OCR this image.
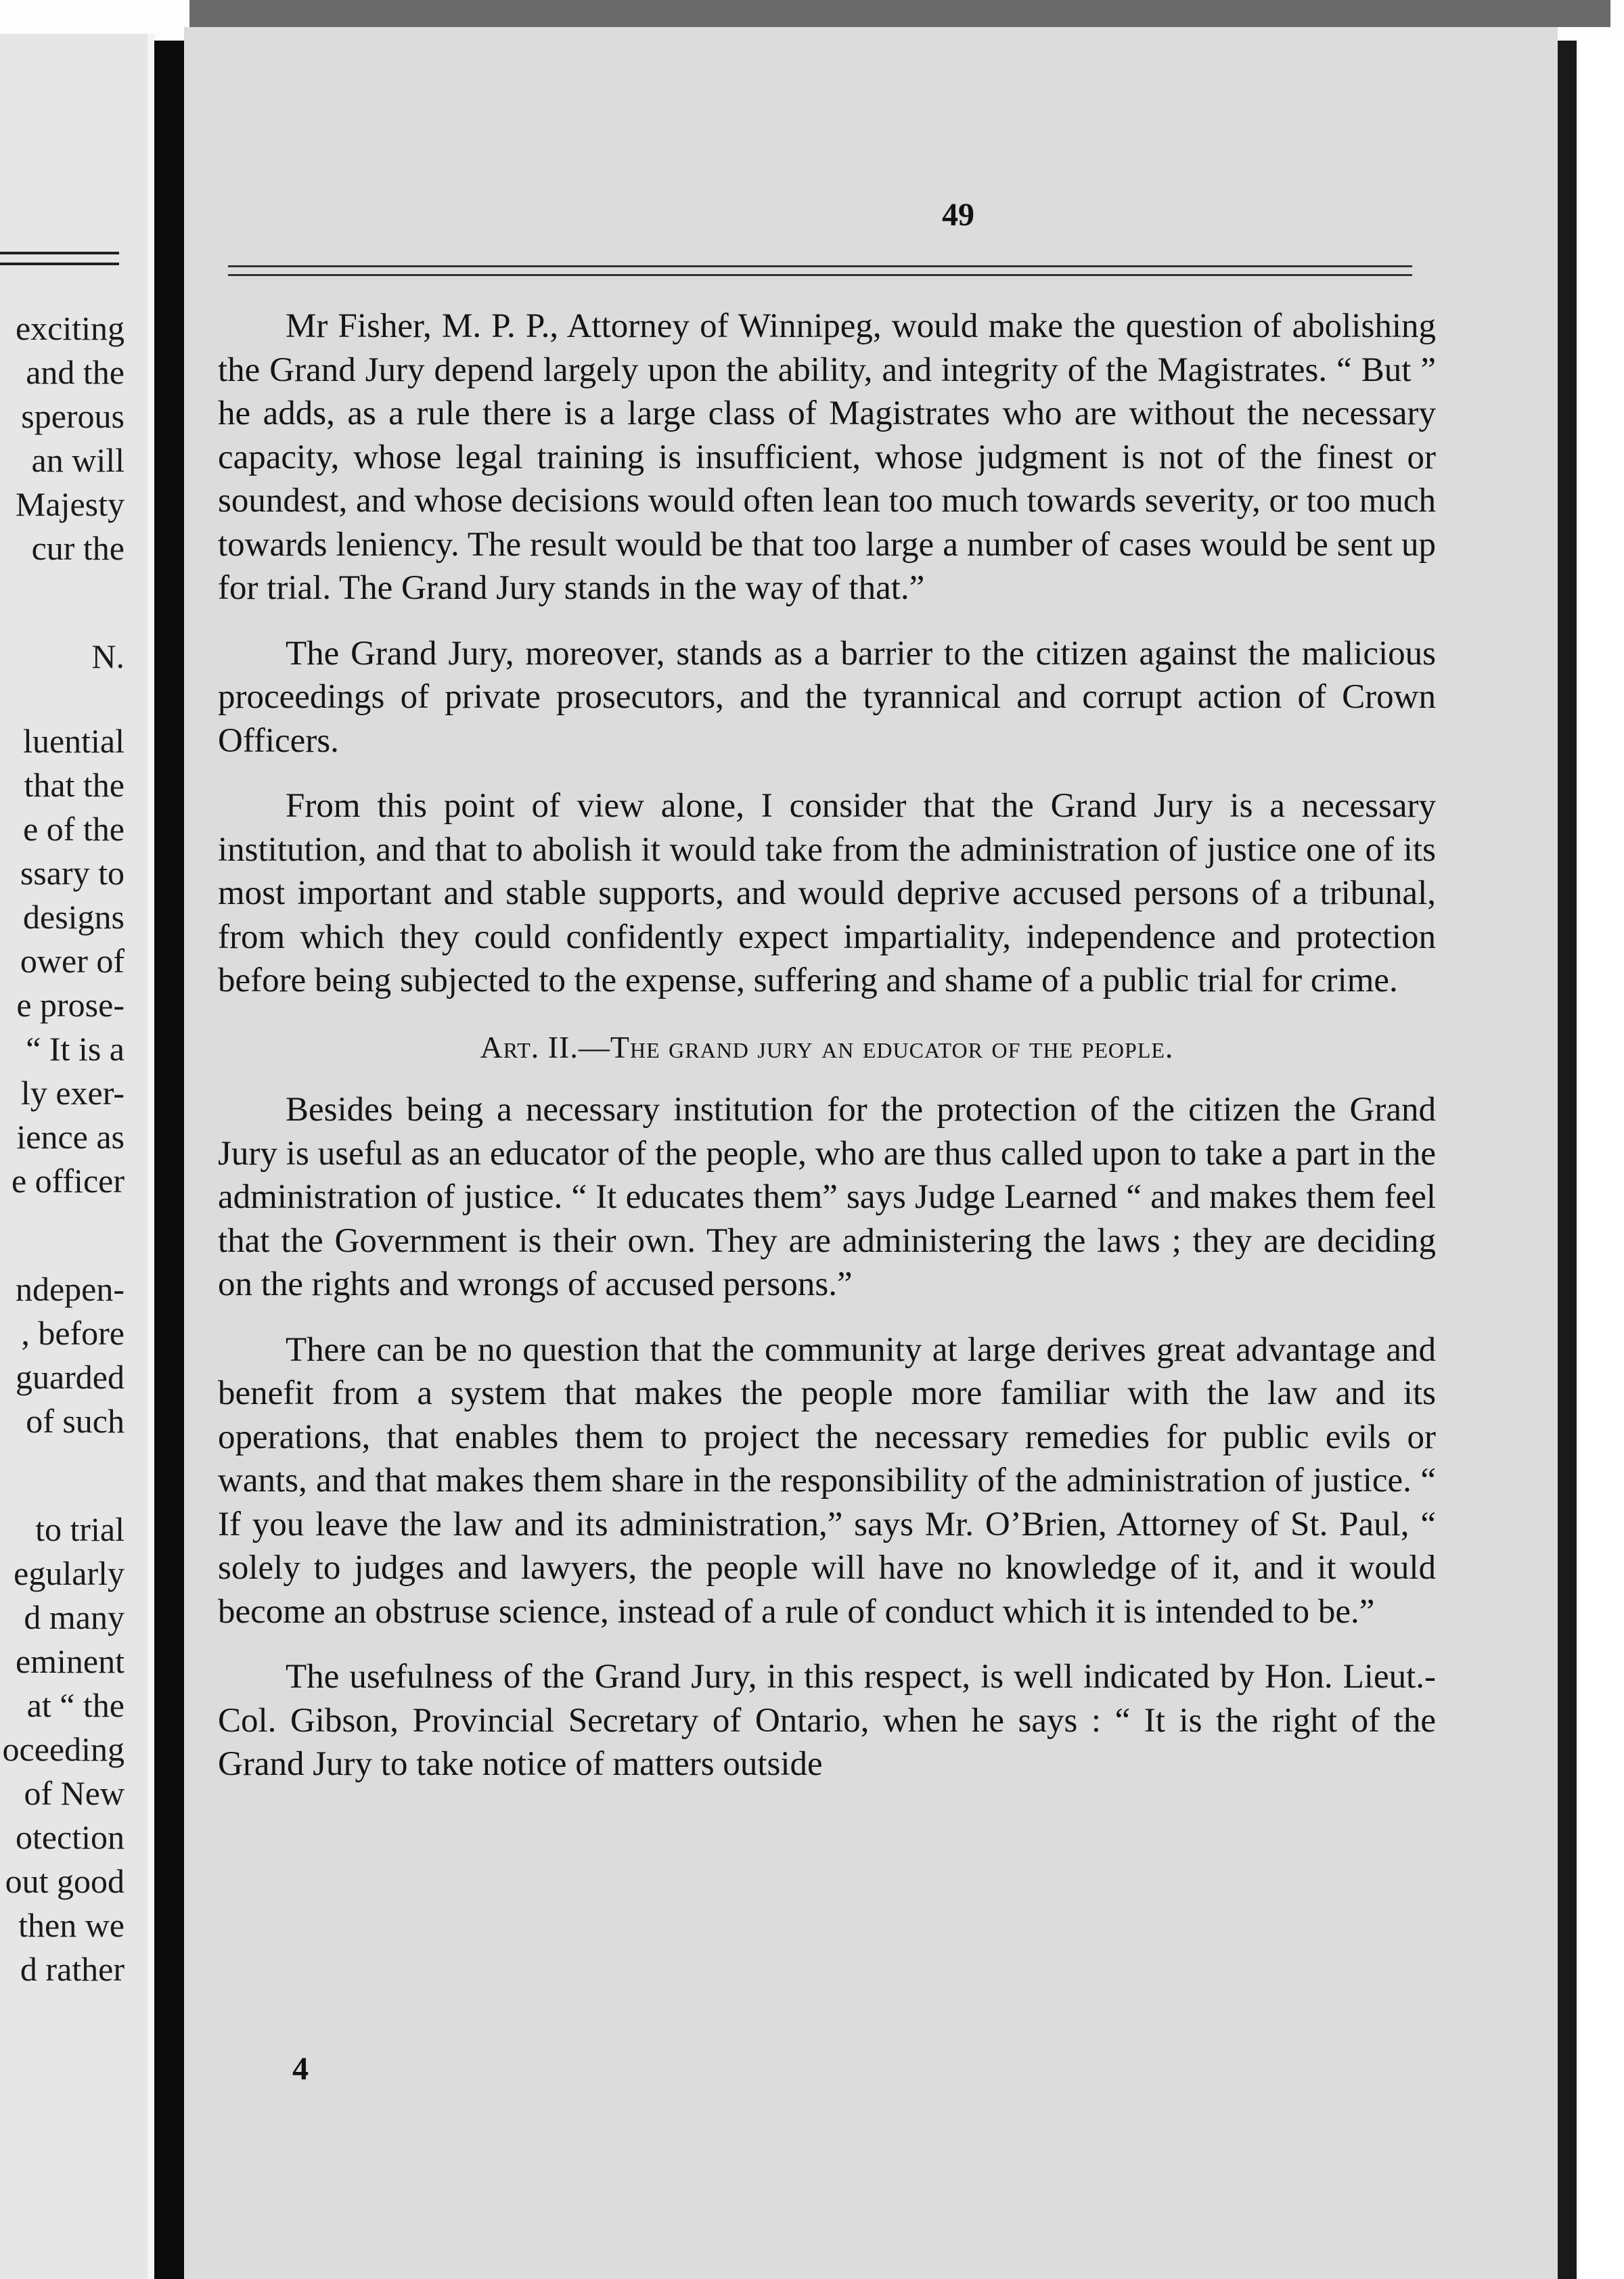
exciting
and the
sperous
an will
Majesty
cur the
N.
luential
that the
e of the
ssary to
designs
ower of
e prose-
“ It is a
ly exer-
ience as
e officer
ndepen-
, before
guarded
of such
to trial
egularly
d many
eminent
at “ the
oceeding
of New
otection
out good
then we
d rather
49

Mr Fisher, M. P. P., Attorney of Winnipeg, would make the question of abolishing the Grand Jury depend largely upon the ability, and integrity of the Magistrates. “ But ” he adds, as a rule there is a large class of Magistrates who are without the necessary capacity, whose legal training is insufficient, whose judgment is not of the finest or soundest, and whose decisions would often lean too much towards severity, or too much towards leniency. The result would be that too large a number of cases would be sent up for trial. The Grand Jury stands in the way of that.”

The Grand Jury, moreover, stands as a barrier to the citizen against the malicious proceedings of private prosecutors, and the tyrannical and corrupt action of Crown Officers.

From this point of view alone, I consider that the Grand Jury is a necessary institution, and that to abolish it would take from the administration of justice one of its most important and stable supports, and would deprive accused persons of a tribunal, from which they could confidently expect impartiality, independence and protection before being subjected to the expense, suffering and shame of a public trial for crime.

Art. II.—The grand jury an educator of the people.

Besides being a necessary institution for the protection of the citizen the Grand Jury is useful as an educator of the people, who are thus called upon to take a part in the administration of justice. “ It educates them” says Judge Learned “ and makes them feel that the Government is their own. They are administering the laws ; they are deciding on the rights and wrongs of accused persons.”

There can be no question that the community at large derives great advantage and benefit from a system that makes the people more familiar with the law and its operations, that enables them to project the necessary remedies for public evils or wants, and that makes them share in the responsibility of the administration of justice. “ If you leave the law and its administration,” says Mr. O’Brien, Attorney of St. Paul, “ solely to judges and lawyers, the people will have no knowledge of it, and it would become an obstruse science, instead of a rule of conduct which it is intended to be.”

The usefulness of the Grand Jury, in this respect, is well indicated by Hon. Lieut.-Col. Gibson, Provincial Secretary of Ontario, when he says : “ It is the right of the Grand Jury to take notice of matters outside

4
